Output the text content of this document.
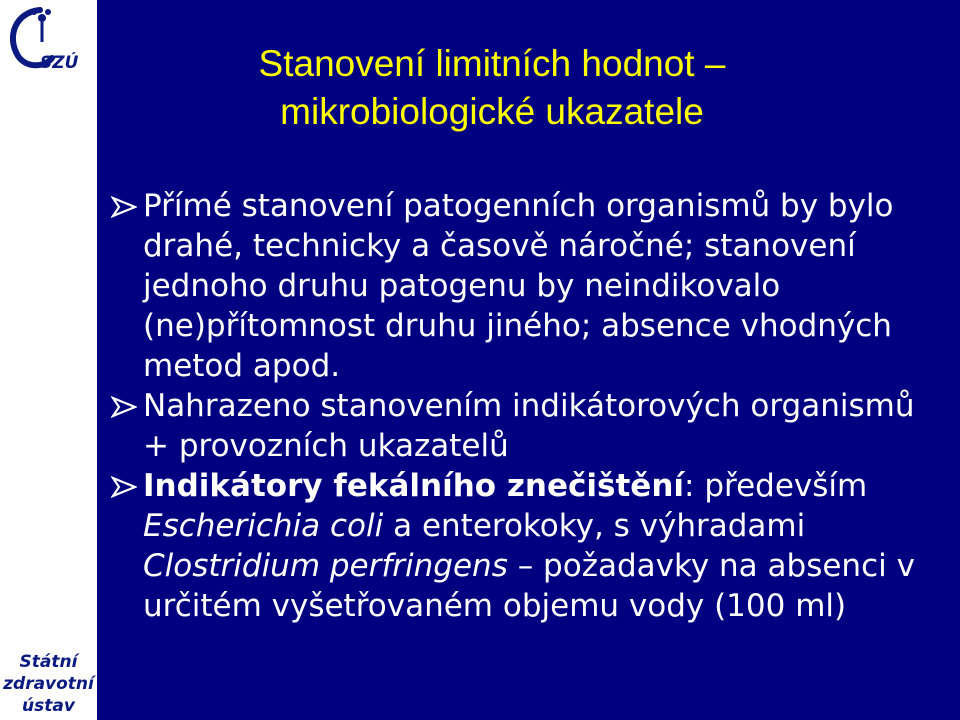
SZÚ
Státní
zdravotní
ústav
Stanovení limitních hodnot –
mikrobiologické ukazatele
Přímé stanovení patogenních organismů by bylo drahé, technicky a časově náročné; stanovení jednoho druhu patogenu by neindikovalo (ne)přítomnost druhu jiného; absence vhodných metod apod.
Nahrazeno stanovením indikátorových organismů + provozních ukazatelů
Indikátory fekálního znečištění: především Escherichia coli a enterokoky, s výhradami Clostridium perfringens – požadavky na absenci v určitém vyšetřovaném objemu vody (100 ml)
